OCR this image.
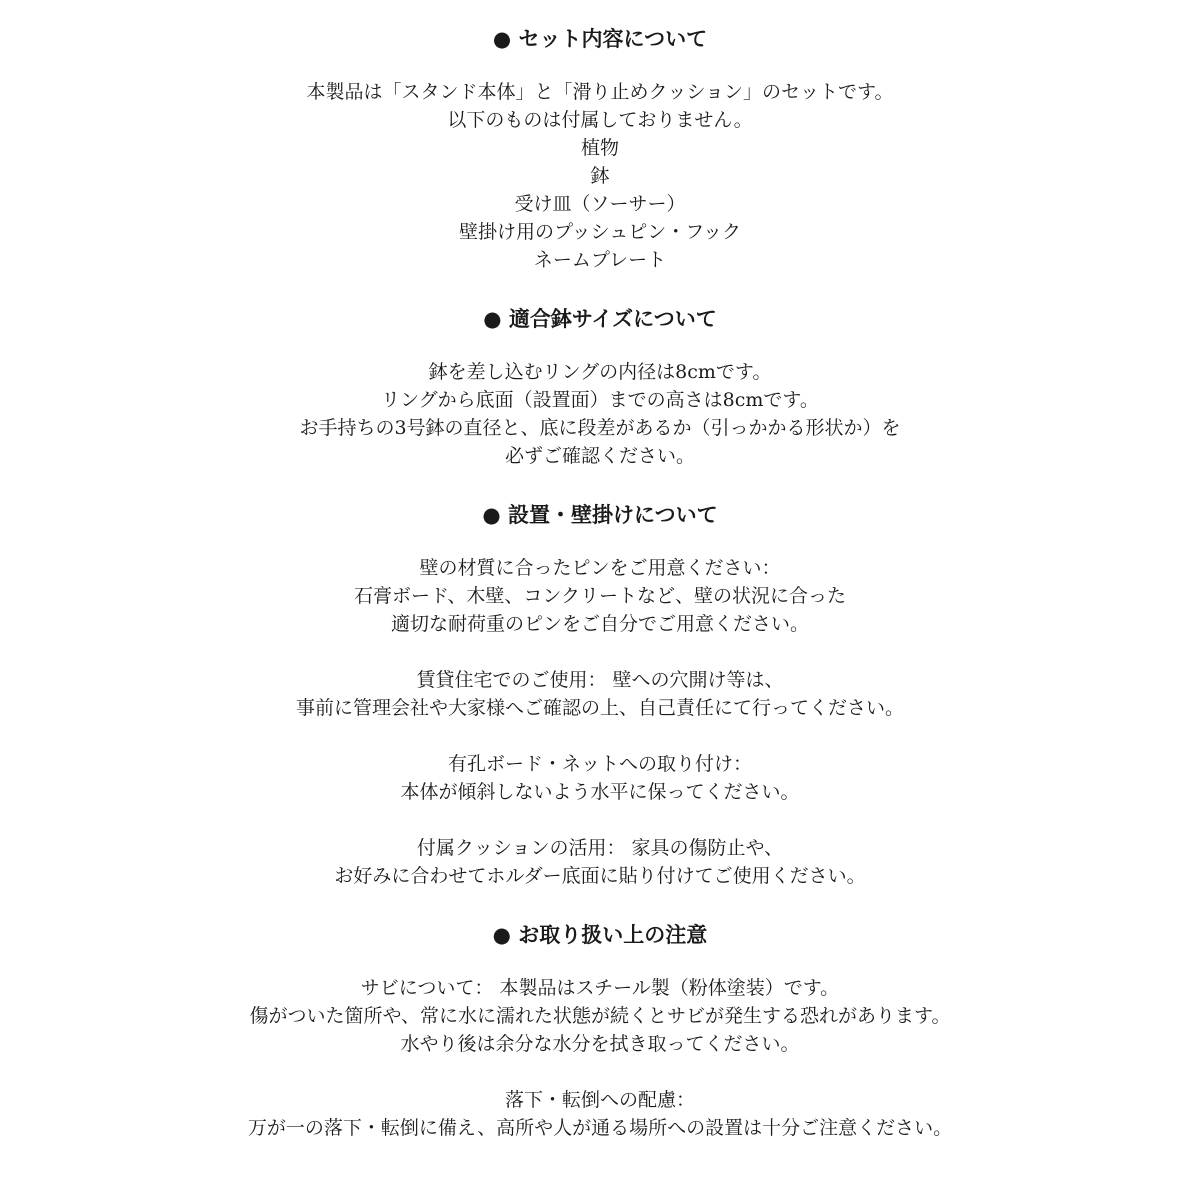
● セット内容について
本製品は「スタンド本体」と「滑り止めクッション」のセットです。
以下のものは付属しておりません。
植物
鉢
受け皿（ソーサー）
壁掛け用のプッシュピン・フック
ネームプレート
● 適合鉢サイズについて
鉢を差し込むリングの内径は8cmです。
リングから底面（設置面）までの高さは8cmです。
お手持ちの3号鉢の直径と、底に段差があるか（引っかかる形状か）を
必ずご確認ください。
● 設置・壁掛けについて
壁の材質に合ったピンをご用意ください：
石膏ボード、木壁、コンクリートなど、壁の状況に合った
適切な耐荷重のピンをご自分でご用意ください。
賃貸住宅でのご使用： 壁への穴開け等は、
事前に管理会社や大家様へご確認の上、自己責任にて行ってください。
有孔ボード・ネットへの取り付け：
本体が傾斜しないよう水平に保ってください。
付属クッションの活用： 家具の傷防止や、
お好みに合わせてホルダー底面に貼り付けてご使用ください。
● お取り扱い上の注意
サビについて： 本製品はスチール製（粉体塗装）です。
傷がついた箇所や、常に水に濡れた状態が続くとサビが発生する恐れがあります。
水やり後は余分な水分を拭き取ってください。
落下・転倒への配慮：
万が一の落下・転倒に備え、高所や人が通る場所への設置は十分ご注意ください。
